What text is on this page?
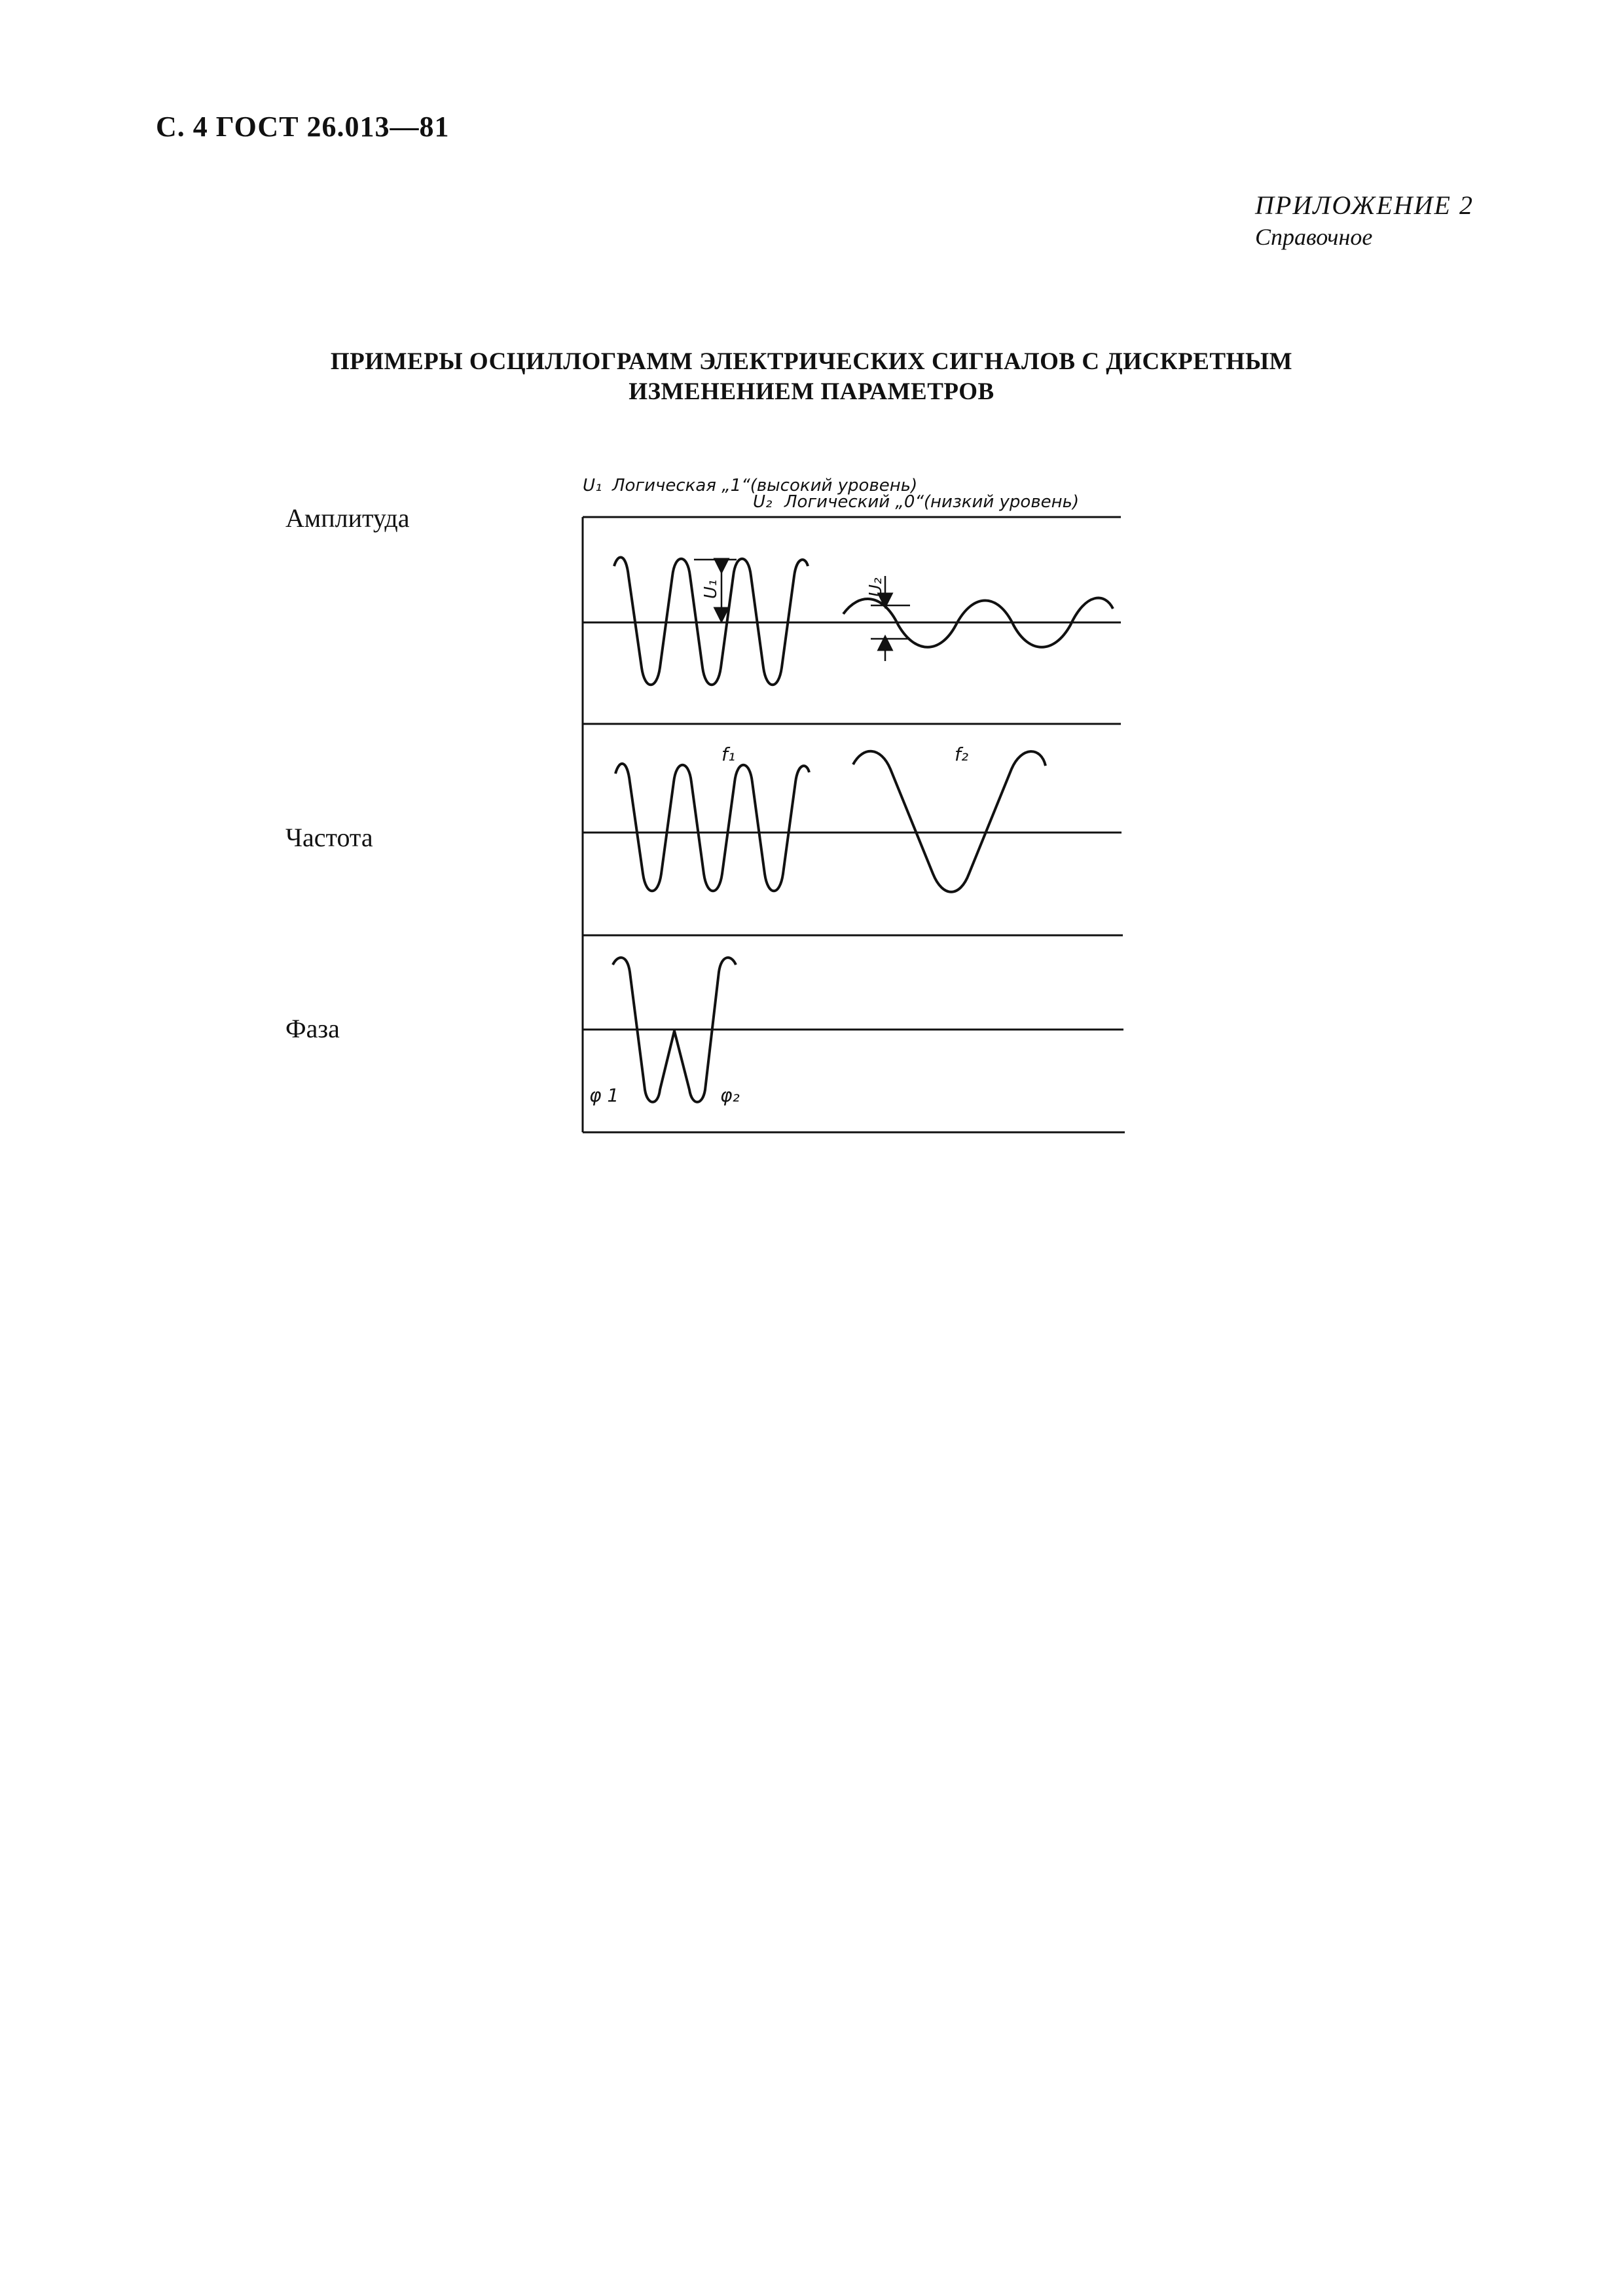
С. 4 ГОСТ 26.013—81
ПРИЛОЖЕНИЕ 2
Справочное
ПРИМЕРЫ ОСЦИЛЛОГРАММ ЭЛЕКТРИЧЕСКИХ СИГНАЛОВ С ДИСКРЕТНЫМ
ИЗМЕНЕНИЕМ ПАРАМЕТРОВ
Амплитуда
Частота
Фаза
U₁ Логическая „1“(высокий уровень)
U₂ Логический „0“(низкий уровень)
U₁	U₂
f₁	f₂
φ 1	φ₂
